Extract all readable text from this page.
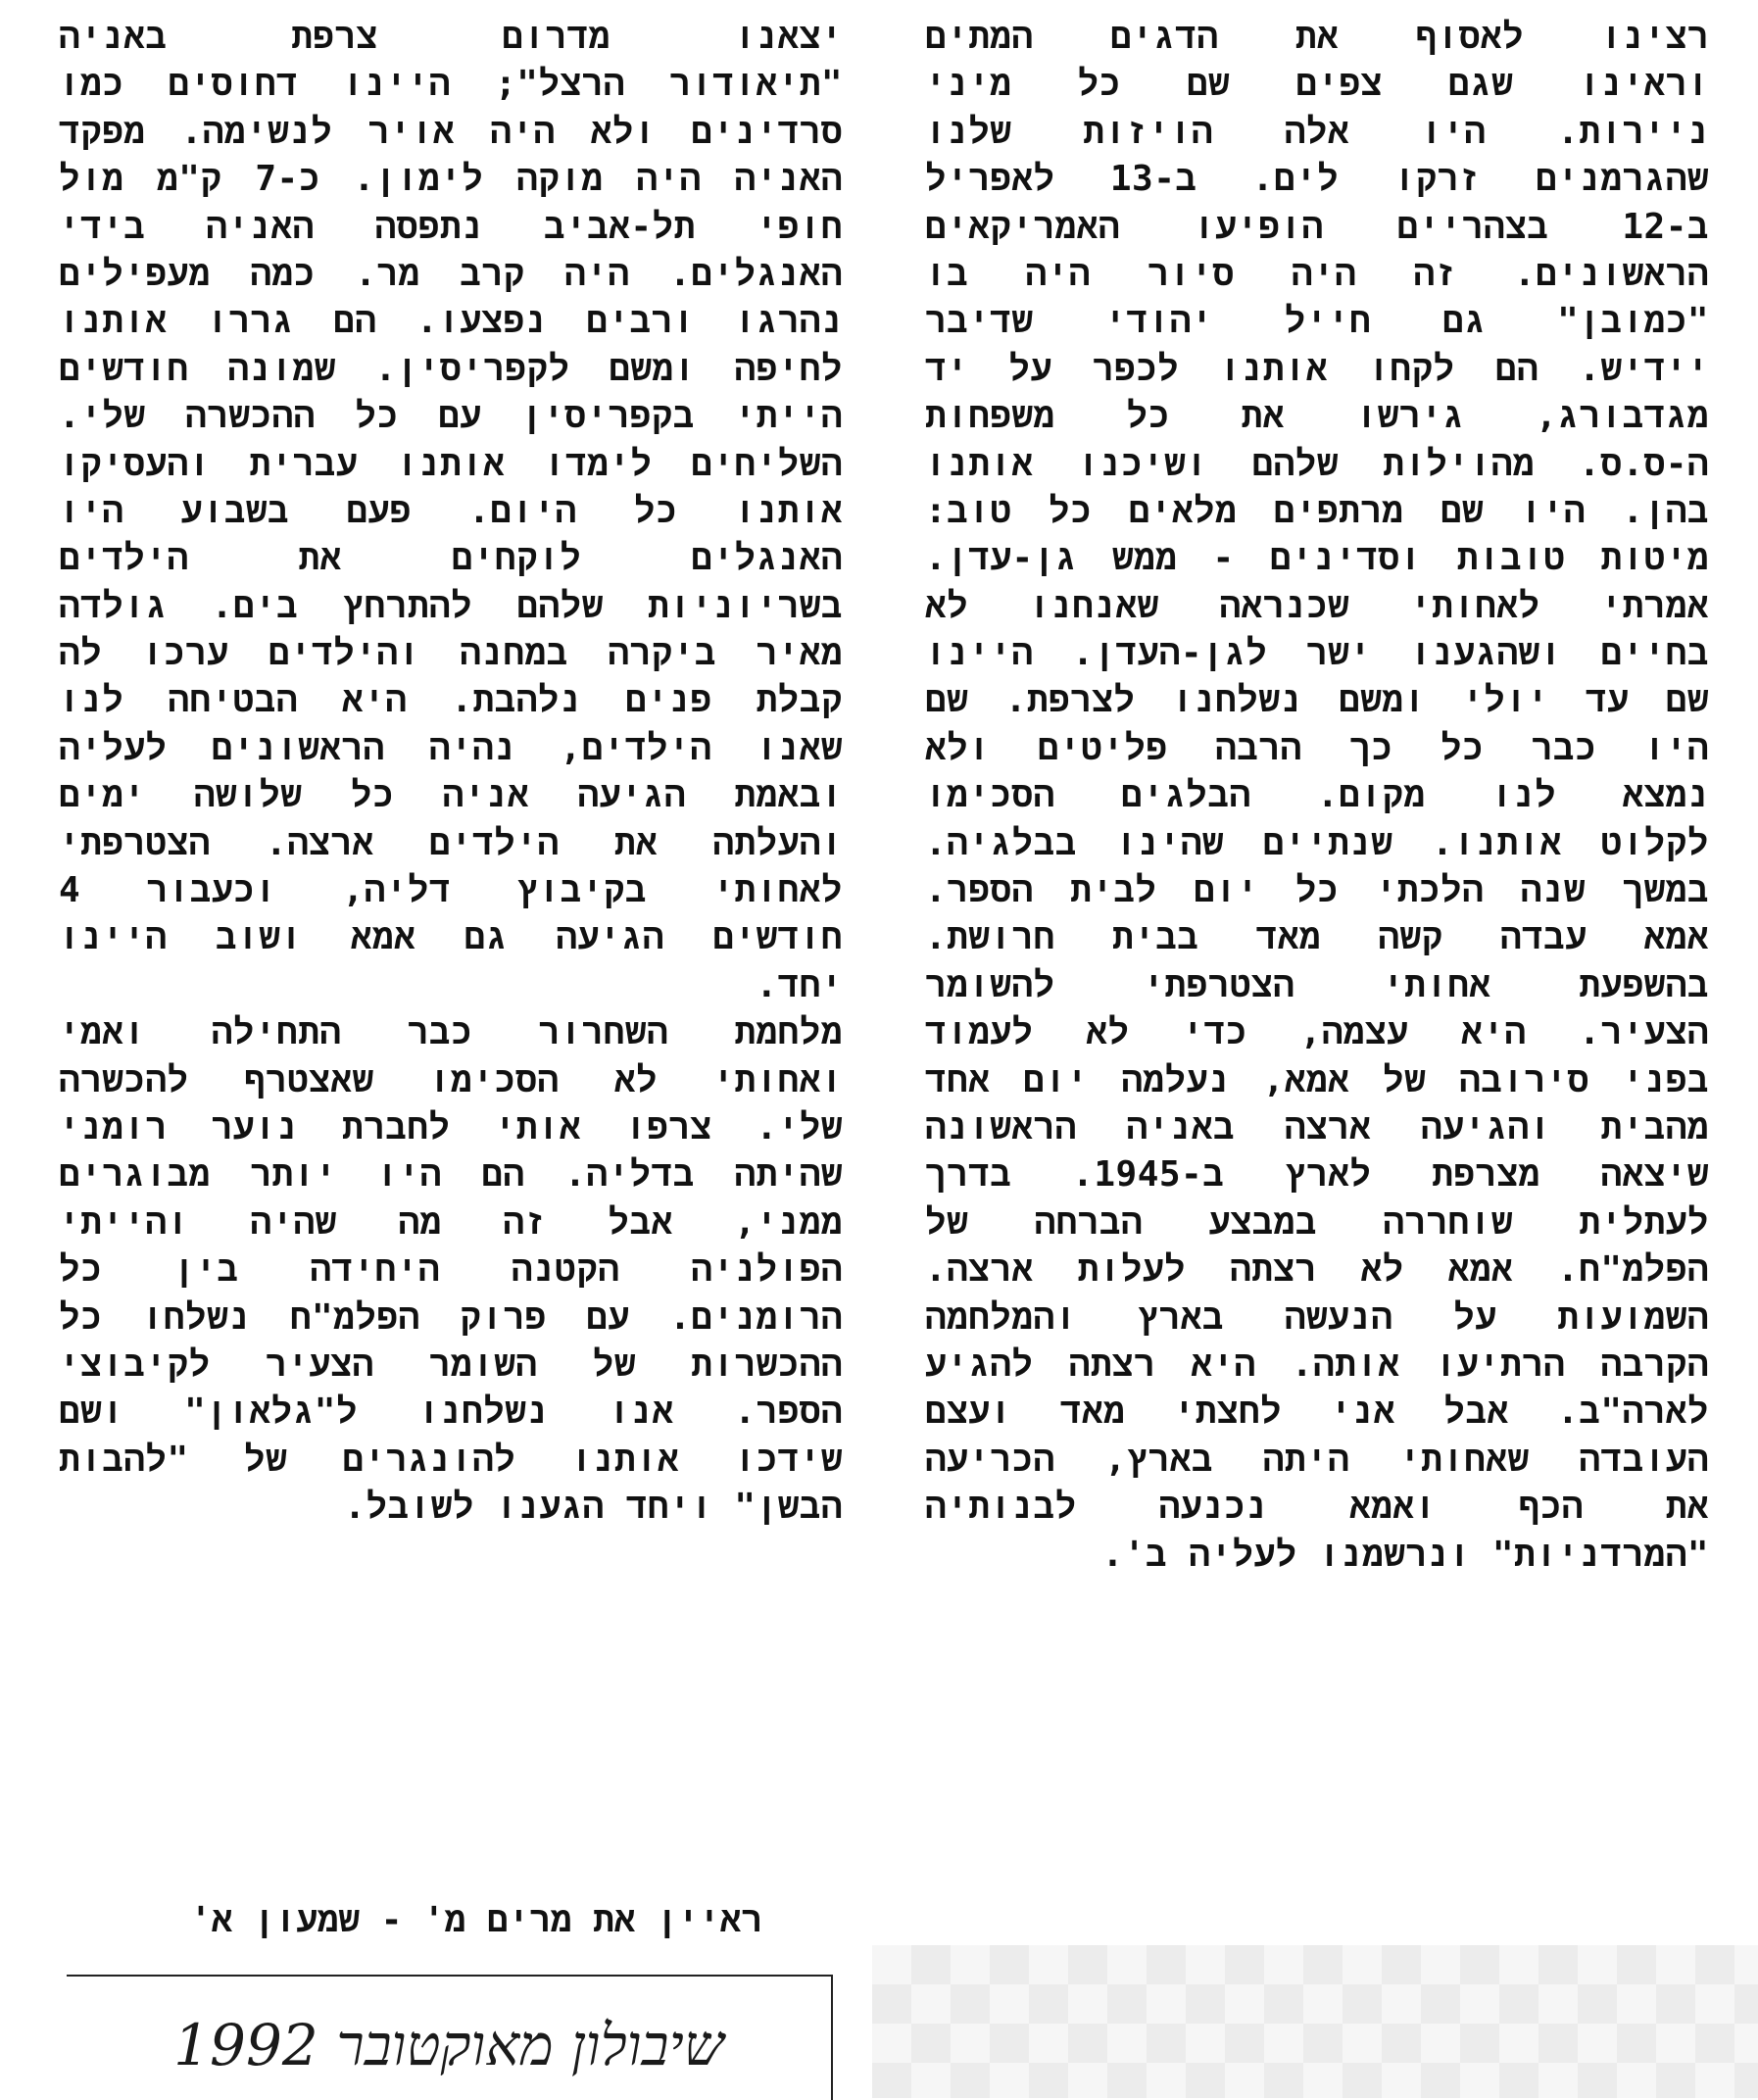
רצינו לאסוף את הדגים המתים
וראינו שגם צפים שם כל מיני
ניירות. היו אלה הויזות שלנו
שהגרמנים זרקו לים. ב-13 לאפריל
ב-12 בצהריים הופיעו האמריקאים
הראשונים. זה היה סיור היה בו
"כמובן" גם חייל יהודי שדיבר
יידיש. הם לקחו אותנו לכפר על יד
מגדבורג, גירשו את כל משפחות
ה-ס.ס. מהוילות שלהם ושיכנו אותנו
בהן. היו שם מרתפים מלאים כל טוב:
מיטות טובות וסדינים - ממש גן-עדן.
אמרתי לאחותי שכנראה שאנחנו לא
בחיים ושהגענו ישר לגן-העדן. היינו
שם עד יולי ומשם נשלחנו לצרפת. שם
היו כבר כל כך הרבה פליטים ולא
נמצא לנו מקום. הבלגים הסכימו
לקלוט אותנו. שנתיים שהינו בבלגיה.
במשך שנה הלכתי כל יום לבית הספר.
אמא עבדה קשה מאד בבית חרושת.
בהשפעת אחותי הצטרפתי להשומר
הצעיר. היא עצמה, כדי לא לעמוד
בפני סירובה של אמא, נעלמה יום אחד
מהבית והגיעה ארצה באניה הראשונה
שיצאה מצרפת לארץ ב-1945. בדרך
לעתלית שוחררה במבצע הברחה של
הפלמ"ח. אמא לא רצתה לעלות ארצה.
השמועות על הנעשה בארץ והמלחמה
הקרבה הרתיעו אותה. היא רצתה להגיע
לארה"ב. אבל אני לחצתי מאד ועצם
העובדה שאחותי היתה בארץ, הכריעה
את הכף ואמא נכנעה לבנותיה
"המרדניות" ונרשמנו לעליה ב'.
יצאנו מדרום צרפת באניה
"תיאודור הרצל"; היינו דחוסים כמו
סרדינים ולא היה אויר לנשימה. מפקד
האניה היה מוקה לימון. כ-7 ק"מ מול
חופי תל-אביב נתפסה האניה בידי
האנגלים. היה קרב מר. כמה מעפילים
נהרגו ורבים נפצעו. הם גררו אותנו
לחיפה ומשם לקפריסין. שמונה חודשים
הייתי בקפריסין עם כל ההכשרה שלי.
השליחים לימדו אותנו עברית והעסיקו
אותנו כל היום. פעם בשבוע היו
האנגלים לוקחים את הילדים
בשריוניות שלהם להתרחץ בים. גולדה
מאיר ביקרה במחנה והילדים ערכו לה
קבלת פנים נלהבת. היא הבטיחה לנו
שאנו הילדים, נהיה הראשונים לעליה
ובאמת הגיעה אניה כל שלושה ימים
והעלתה את הילדים ארצה. הצטרפתי
לאחותי בקיבוץ דליה, וכעבור 4
חודשים הגיעה גם אמא ושוב היינו
יחד.
מלחמת השחרור כבר התחילה ואמי
ואחותי לא הסכימו שאצטרף להכשרה
שלי. צרפו אותי לחברת נוער רומני
שהיתה בדליה. הם היו יותר מבוגרים
ממני, אבל זה מה שהיה והייתי
הפולניה הקטנה היחידה בין כל
הרומנים. עם פרוק הפלמ"ח נשלחו כל
ההכשרות של השומר הצעיר לקיבוצי
הספר. אנו נשלחנו ל"גלאון" ושם
שידכו אותנו להונגרים של "להבות
הבשן" ויחד הגענו לשובל.
ראיין את מרים מ' - שמעון א'
שיבולון מאוקטובר 1992
